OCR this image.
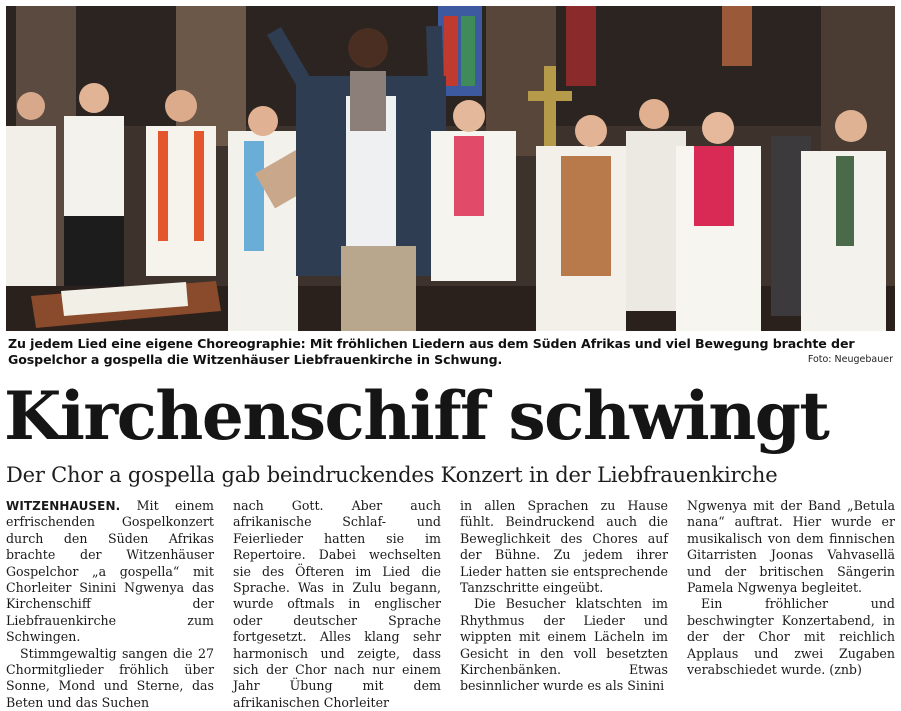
Zu jedem Lied eine eigene Choreographie: Mit fröhlichen Liedern aus dem Süden Afrikas und viel Bewegung brachte der Gospelchor a gospella die Witzenhäuser Liebfrauenkirche in Schwung.	Foto: Neugebauer
Kirchenschiff schwingt
Der Chor a gospella gab beindruckendes Konzert in der Liebfrauenkirche

WITZENHAUSEN. Mit einem erfrischenden Gospelkonzert durch den Süden Afrikas brachte der Witzenhäuser Gospelchor „a gospella“ mit Chorleiter Sinini Ngwenya das Kirchenschiff der Liebfrauenkirche zum Schwingen.

Stimmgewaltig sangen die 27 Chormitglieder fröhlich über Sonne, Mond und Sterne, das Beten und das Suchen

nach Gott. Aber auch afrikanische Schlaf- und Feierlieder hatten sie im Repertoire. Dabei wechselten sie des Öfteren im Lied die Sprache. Was in Zulu begann, wurde oftmals in englischer oder deutscher Sprache fortgesetzt. Alles klang sehr harmonisch und zeigte, dass sich der Chor nach nur einem Jahr Übung mit dem afrikanischen Chorleiter

in allen Sprachen zu Hause fühlt. Beindruckend auch die Beweglichkeit des Chores auf der Bühne. Zu jedem ihrer Lieder hatten sie entsprechende Tanzschritte eingeübt.

Die Besucher klatschten im Rhythmus der Lieder und wippten mit einem Lächeln im Gesicht in den voll besetzten Kirchenbänken. Etwas besinnlicher wurde es als Sinini

Ngwenya mit der Band „Betula nana“ auftrat. Hier wurde er musikalisch von dem finnischen Gitarristen Joonas Vahvasellä und der britischen Sängerin Pamela Ngwenya begleitet.

Ein fröhlicher und beschwingter Konzertabend, in der der Chor mit reichlich Applaus und zwei Zugaben verabschiedet wurde. (znb)
